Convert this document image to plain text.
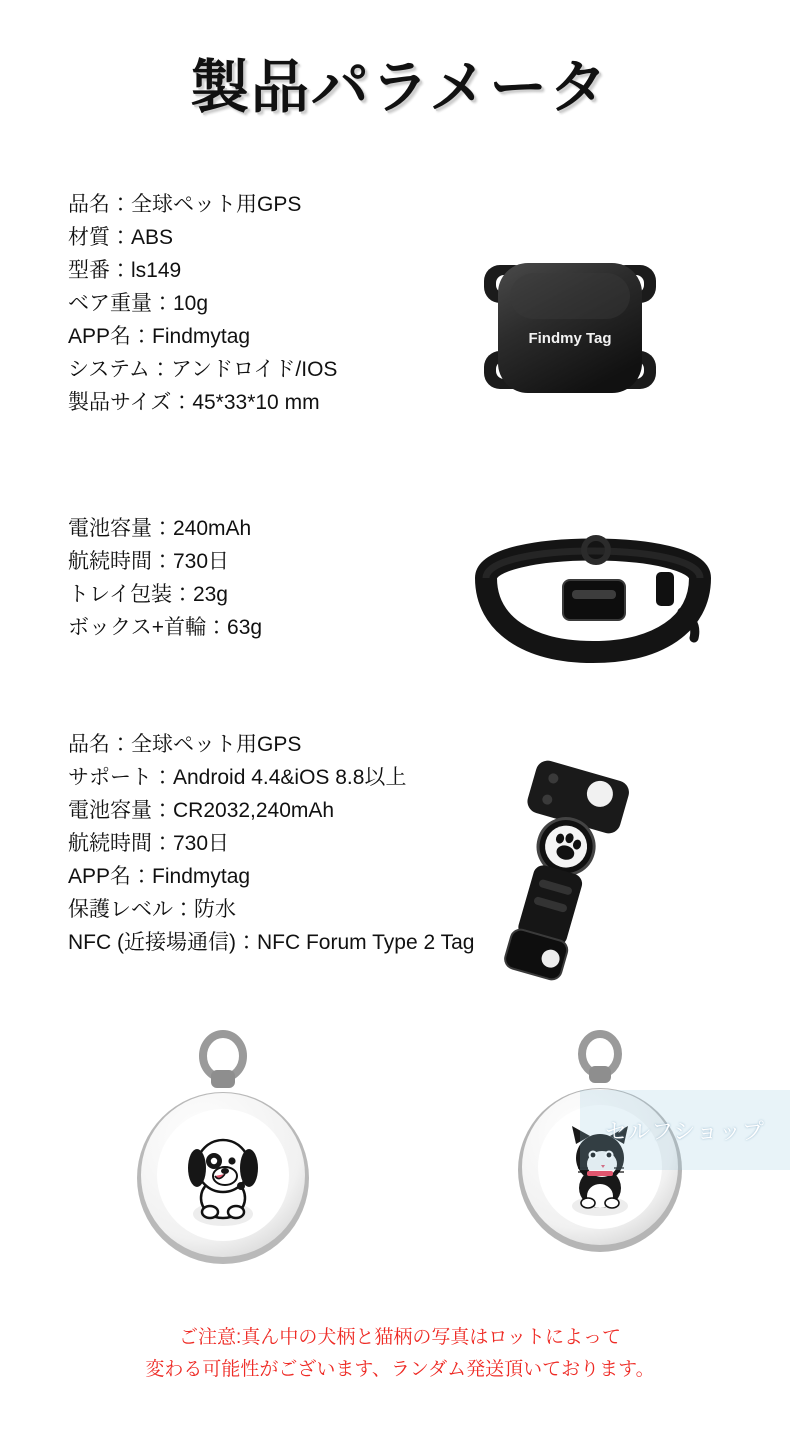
製品パラメータ
品名：全球ペット用GPS
材質：ABS
型番：ls149
ベア重量：10g
APP名：Findmytag
システム：アンドロイド/IOS
製品サイズ：45*33*10 mm
電池容量：240mAh
航続時間：730日
トレイ包装：23g
ボックス+首輪：63g
品名：全球ペット用GPS
サポート：Android 4.4&iOS 8.8以上
電池容量：CR2032,240mAh
航続時間：730日
APP名：Findmytag
保護レベル：防水
NFC (近接場通信)：NFC Forum Type 2 Tag
Findmy Tag
セルフショップ
ご注意:真ん中の犬柄と猫柄の写真はロットによって
変わる可能性がございます、ランダム発送頂いております。
